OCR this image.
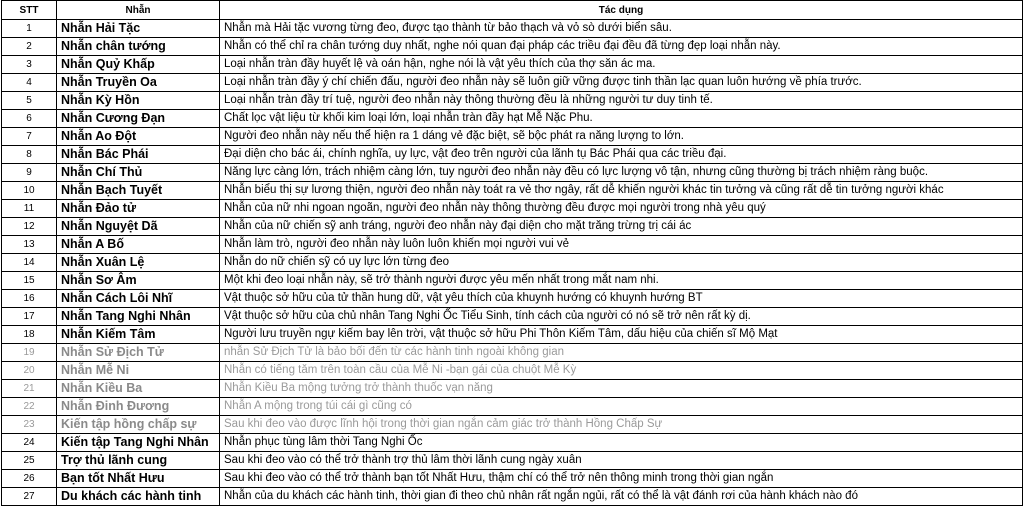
STT	Nhẫn	Tác dụng
1	Nhẫn Hải Tặc	Nhẫn mà Hải tặc vương từng đeo, được tạo thành từ bảo thạch và vỏ sò dưới biển sâu.
2	Nhẫn chân tướng	Nhẫn có thể chỉ ra chân tướng duy nhất, nghe nói quan đại pháp các triều đại đều đã từng đẹp loại nhẫn này.
3	Nhẫn Quỷ Khấp	Loại nhẫn tràn đầy huyết lệ và oán hận, nghe nói là vật yêu thích của thợ săn ác ma.
4	Nhẫn Truyền Oa	Loại nhẫn tràn đầy ý chí chiến đấu, người đeo nhẫn này sẽ luôn giữ vững được tinh thần lạc quan luôn hướng về phía trước.
5	Nhẫn Kỳ Hồn	Loại nhẫn tràn đầy trí tuệ, người đeo nhẫn này thông thường đều là những người tư duy tinh tế.
6	Nhẫn Cương Đạn	Chất lọc vật liệu từ khối kim loại lớn, loại nhẫn tràn đầy hạt Mễ Nặc Phu.
7	Nhẫn Ao Đột	Người đeo nhẫn này nếu thể hiện ra 1 dáng vẻ đặc biệt, sẽ bộc phát ra năng lượng to lớn.
8	Nhẫn Bác Phái	Đại diện cho bác ái, chính nghĩa, uy lực, vật đeo trên người của lãnh tụ Bác Phái qua các triều đại.
9	Nhẫn Chí Thủ	Năng lực càng lớn, trách nhiệm càng lớn, tuy người đeo nhẫn này đều có lực lượng vô tận, nhưng cũng thường bị trách nhiệm ràng buộc.
10	Nhẫn Bạch Tuyết	Nhẫn biểu thị sự lương thiện, người đeo nhẫn này toát ra vẻ thơ ngây, rất dễ khiến người khác tin tưởng và cũng rất dễ tin tưởng người khác
11	Nhẫn Đảo tử	Nhẫn của nữ nhi ngoan ngoãn, người đeo nhẫn này thông thường đều được mọi người trong nhà yêu quý
12	Nhẫn Nguyệt Dã	Nhẫn của nữ chiến sỹ anh tráng, người đeo nhẫn này đại diện cho mặt trăng trừng trị cái ác
13	Nhẫn A Bố	Nhẫn làm trò, người đeo nhẫn này luôn luôn khiến mọi người vui vẻ
14	Nhẫn Xuân Lệ	Nhẫn do nữ chiến sỹ có uy lực lớn từng đeo
15	Nhẫn Sơ Âm	Một khi đeo loại nhẫn này, sẽ trở thành người được yêu mến nhất trong mắt nam nhi.
16	Nhẫn Cách Lôi Nhĩ	Vật thuộc sở hữu của tử thần hung dữ, vật yêu thích của khuynh hướng có khuynh hướng BT
17	Nhẫn Tang Nghi Nhân	Vật thuộc sở hữu của chủ nhân Tang Nghi Ốc Tiểu Sinh, tính cách của người có nó sẽ trở nên rất kỳ dị.
18	Nhẫn Kiếm Tâm	Người lưu truyền ngự kiếm bay lên trời, vật thuộc sở hữu Phi Thôn Kiếm Tâm, dấu hiệu của chiến sĩ Mộ Mạt
19	Nhẫn Sử Địch Tử	nhẫn Sử Địch Tử là bảo bối đến từ các hành tinh ngoài không gian
20	Nhẫn Mễ Ni	Nhẫn có tiếng tăm trên toàn cầu của Mễ Ni -bạn gái của chuột Mễ Kỳ
21	Nhẫn Kiều Ba	Nhẫn Kiều Ba mộng tưởng trở thành thuốc vạn năng
22	Nhẫn Đinh Đương	Nhẫn A mộng trong túi cái gì cũng có
23	Kiến tập hồng chấp sự	Sau khi đeo vào được lĩnh hội trong thời gian ngắn cảm giác trở thành Hồng Chấp Sự
24	Kiến tập Tang Nghi Nhân	Nhẫn phục tùng lâm thời Tang Nghi Ốc
25	Trợ thủ lãnh cung	Sau khi đeo vào có thể trở thành trợ thủ lâm thời lãnh cung ngày xuân
26	Bạn tốt Nhất Hưu	Sau khi đeo vào có thể trở thành bạn tốt Nhất Hưu, thậm chí có thể trở nên thông minh trong thời gian ngắn
27	Du khách các hành tinh	Nhẫn của du khách các hành tinh, thời gian đi theo chủ nhân rất ngắn ngủi, rất có thể là vật đánh rơi của hành khách nào đó
